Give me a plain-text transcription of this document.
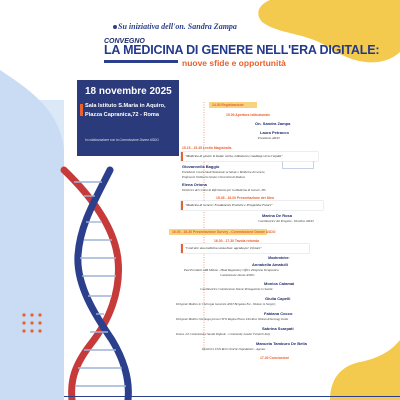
Su iniziativa dell'on. Sandra Zampa
CONVEGNO
LA MEDICINA DI GENERE NELL'ERA DIGITALE:
nuove sfide e opportunità
18 novembre 2025
Sala Istituto S.Maria in Aquiro,
Piazza Capranica,72 - Roma
In collaborazione con la Commissione Donne ASDO
14.30 Registrazione
15.00 Apertura istituzionale
On. Sandra Zampa
Laura Petracco
Presidente ASDO
15.15 - 15.45 Lectio Magistralis
"Medicina di genere in Italia: storia, istituzioni e roadmap verso l'equità"
Giovannella Baggio
Presidente Centro Studi Nazionale su Salute e Medicina di Genere,
Professore Ordinario Senior, Università di Padova
Elena Ortona
Direttrice del Centro di Riferimento per la Medicina di Genere, ISS
15.45 - 16.00 Presentazione del libro
"Medicina di Genere: Fondamenti, Pratiche e Prospettive Future"
Marina De Rosa
Coordinatrice del Progetto - Direttivo ASDO
16.00 - 16.30 Presentazione Survey - Commissione Donne ASDO
16.30 - 17.30 Tavola rotonda
"Costruire una medicina senza bias: agenda per il futuro"
Moderatrice:
Annabella Amatulli
Past President AIM Milano - Head Regulatory Office d'Impresa Terapeutica
Commissione Donne ASDO
Monica Calamai
Coordinatrice Commissione Donne Protagoniste in Sanità
Giulia Capelli
Dirigente Medico in Chirurgia Generale ASST Bergamo Est - Women in Surgery
Fabiana Cocco
Dirigente Medico Oncologo presso l'IFO Regina Elena, Direttivo Women4Oncology Italia
Sabrina Scarpati
Donne 4.0 Commissione Sanità Digitale - Community Leader Femtech Italy
Manuela Tamburo De Bella
Direttrice UOS Reti Cliniche Ospedaliere - Agenas
17.30 Conclusioni
